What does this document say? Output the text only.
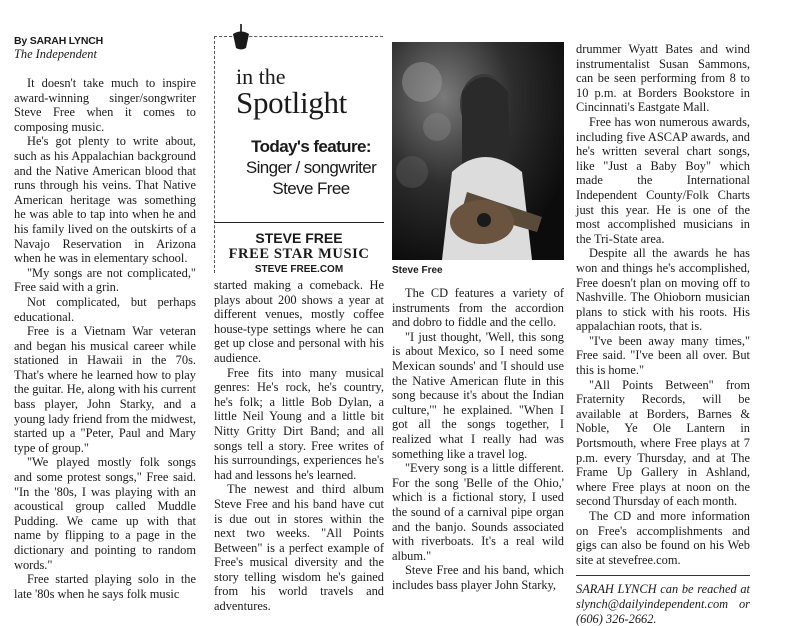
By SARAH LYNCH
The Independent

It doesn't take much to inspire award-winning singer/songwriter Steve Free when it comes to composing music.

He's got plenty to write about, such as his Appalachian background and the Native American blood that runs through his veins. That Native American heritage was something he was able to tap into when he and his family lived on the outskirts of a Navajo Reservation in Arizona when he was in elementary school.

"My songs are not complicated," Free said with a grin.

Not complicated, but perhaps educational.

Free is a Vietnam War veteran and began his musical career while stationed in Hawaii in the 70s. That's where he learned how to play the guitar. He, along with his current bass player, John Starky, and a young lady friend from the midwest, started up a "Peter, Paul and Mary type of group."

"We played mostly folk songs and some protest songs," Free said. "In the '80s, I was playing with an acoustical group called Muddle Pudding. We came up with that name by flipping to a page in the dictionary and pointing to random words."

Free started playing solo in the late '80s when he says folk music

in the
Spotlight
Today's feature:
Singer / songwriter
Steve Free
STEVE FREE
FREE STAR MUSIC
STEVE FREE.COM

started making a comeback. He plays about 200 shows a year at different venues, mostly coffee house-type settings where he can get up close and personal with his audience.

Free fits into many musical genres: He's rock, he's country, he's folk; a little Bob Dylan, a little Neil Young and a little bit Nitty Gritty Dirt Band; and all songs tell a story. Free writes of his surroundings, experiences he's had and lessons he's learned.

The newest and third album Steve Free and his band have cut is due out in stores within the next two weeks. "All Points Between" is a perfect example of Free's musical diversity and the story telling wisdom he's gained from his world travels and adventures.

Steve Free

The CD features a variety of instruments from the accordion and dobro to fiddle and the cello.

"I just thought, 'Well, this song is about Mexico, so I need some Mexican sounds' and 'I should use the Native American flute in this song because it's about the Indian culture,'" he explained. "When I got all the songs together, I realized what I really had was something like a travel log.

"Every song is a little different. For the song 'Belle of the Ohio,' which is a fictional story, I used the sound of a carnival pipe organ and the banjo. Sounds associated with riverboats. It's a real wild album."

Steve Free and his band, which includes bass player John Starky,

drummer Wyatt Bates and wind instrumentalist Susan Sammons, can be seen performing from 8 to 10 p.m. at Borders Bookstore in Cincinnati's Eastgate Mall.

Free has won numerous awards, including five ASCAP awards, and he's written several chart songs, like "Just a Baby Boy" which made the International Independent County/Folk Charts just this year. He is one of the most accomplished musicians in the Tri-State area.

Despite all the awards he has won and things he's accomplished, Free doesn't plan on moving off to Nashville. The Ohioborn musician plans to stick with his roots. His appalachian roots, that is.

"I've been away many times," Free said. "I've been all over. But this is home."

"All Points Between" from Fraternity Records, will be available at Borders, Barnes & Noble, Ye Ole Lantern in Portsmouth, where Free plays at 7 p.m. every Thursday, and at The Frame Up Gallery in Ashland, where Free plays at noon on the second Thursday of each month.

The CD and more information on Free's accomplishments and gigs can also be found on his Web site at stevefree.com.

SARAH LYNCH can be reached at slynch@dailyindependent.com or (606) 326-2662.
